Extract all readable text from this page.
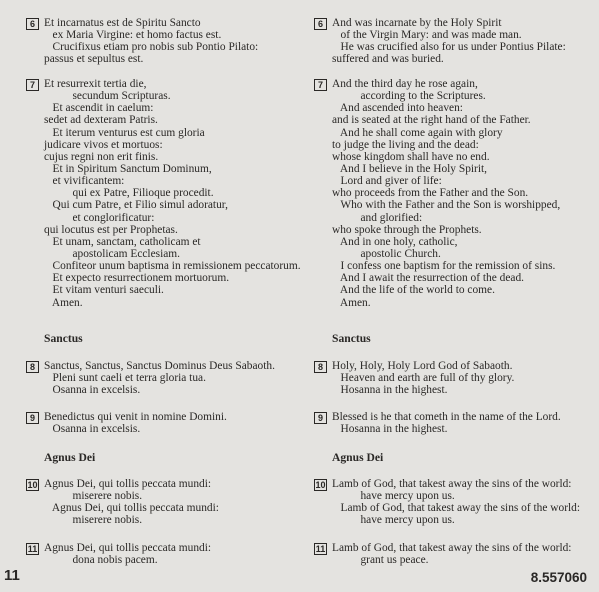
6 Et incarnatus est de Spiritu Sancto
ex Maria Virgine: et homo factus est.
Crucifixus etiam pro nobis sub Pontio Pilato:
passus et sepultus est.
7 Et resurrexit tertia die,
secundum Scripturas.
Et ascendit in caelum:
sedet ad dexteram Patris.
Et iterum venturus est cum gloria
judicare vivos et mortuos:
cujus regni non erit finis.
Et in Spiritum Sanctum Dominum,
et vivificantem:
qui ex Patre, Filioque procedit.
Qui cum Patre, et Filio simul adoratur,
et conglorificatur:
qui locutus est per Prophetas.
Et unam, sanctam, catholicam et
apostolicam Ecclesiam.
Confiteor unum baptisma in remissionem peccatorum.
Et expecto resurrectionem mortuorum.
Et vitam venturi saeculi.
Amen.
Sanctus
8 Sanctus, Sanctus, Sanctus Dominus Deus Sabaoth.
Pleni sunt caeli et terra gloria tua.
Osanna in excelsis.
9 Benedictus qui venit in nomine Domini.
Osanna in excelsis.
Agnus Dei
10 Agnus Dei, qui tollis peccata mundi:
miserere nobis.
Agnus Dei, qui tollis peccata mundi:
miserere nobis.
11 Agnus Dei, qui tollis peccata mundi:
dona nobis pacem.
6 And was incarnate by the Holy Spirit
of the Virgin Mary: and was made man.
He was crucified also for us under Pontius Pilate:
suffered and was buried.
7 And the third day he rose again,
according to the Scriptures.
And ascended into heaven:
and is seated at the right hand of the Father.
And he shall come again with glory
to judge the living and the dead:
whose kingdom shall have no end.
And I believe in the Holy Spirit,
Lord and giver of life:
who proceeds from the Father and the Son.
Who with the Father and the Son is worshipped,
and glorified:
who spoke through the Prophets.
And in one holy, catholic,
apostolic Church.
I confess one baptism for the remission of sins.
And I await the resurrection of the dead.
And the life of the world to come.
Amen.
Sanctus
8 Holy, Holy, Holy Lord God of Sabaoth.
Heaven and earth are full of thy glory.
Hosanna in the highest.
9 Blessed is he that cometh in the name of the Lord.
Hosanna in the highest.
Agnus Dei
10 Lamb of God, that takest away the sins of the world:
have mercy upon us.
Lamb of God, that takest away the sins of the world:
have mercy upon us.
11 Lamb of God, that takest away the sins of the world:
grant us peace.
11	8.557060
